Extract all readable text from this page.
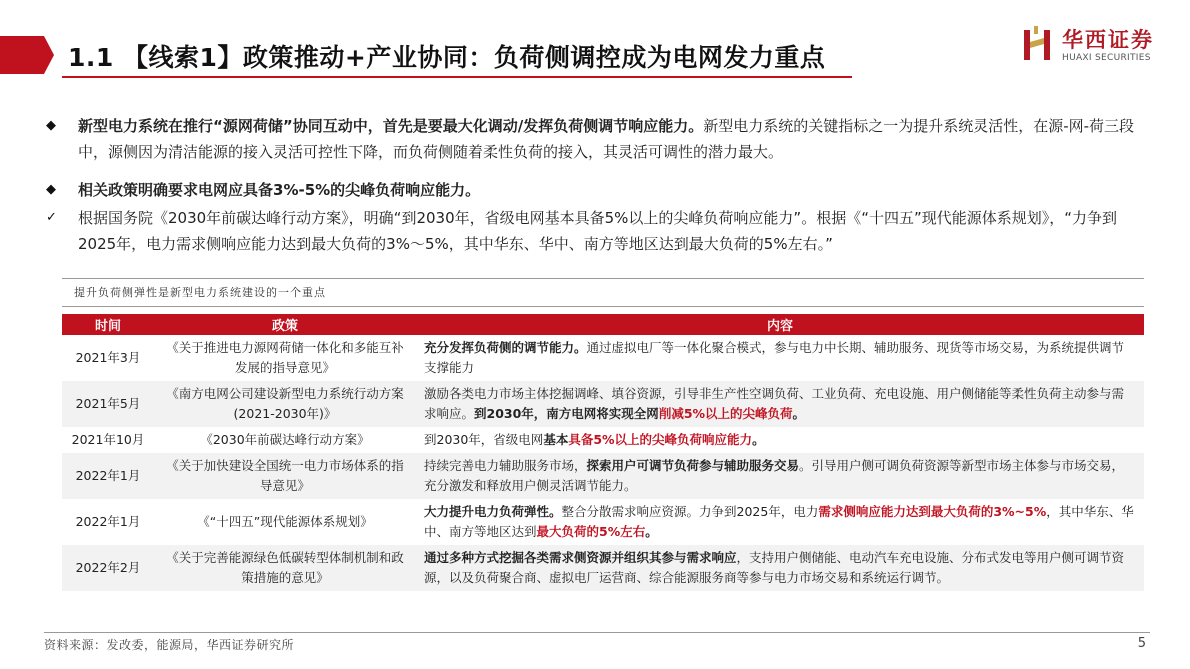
1.1 【线索1】政策推动+产业协同：负荷侧调控成为电网发力重点
华西证券
HUAXI SECURITIES
◆ 新型电力系统在推行“源网荷储”协同互动中，首先是要最大化调动/发挥负荷侧调节响应能力。新型电力系统的关键指标之一为提升系统灵活性，在源-网-荷三段中，源侧因为清洁能源的接入灵活可控性下降，而负荷侧随着柔性负荷的接入，其灵活可调性的潜力最大。
◆ 相关政策明确要求电网应具备3%-5%的尖峰负荷响应能力。
✓ 根据国务院《2030年前碳达峰行动方案》，明确“到2030年，省级电网基本具备5%以上的尖峰负荷响应能力”。根据《“十四五”现代能源体系规划》，“力争到2025年，电力需求侧响应能力达到最大负荷的3%～5%，其中华东、华中、南方等地区达到最大负荷的5%左右。”
提升负荷侧弹性是新型电力系统建设的一个重点
时间	政策	内容
2021年3月	《关于推进电力源网荷储一体化和多能互补发展的指导意见》	充分发挥负荷侧的调节能力。通过虚拟电厂等一体化聚合模式，参与电力中长期、辅助服务、现货等市场交易，为系统提供调节支撑能力
2021年5月	《南方电网公司建设新型电力系统行动方案(2021-2030年)》	激励各类电力市场主体挖掘调峰、填谷资源，引导非生产性空调负荷、工业负荷、充电设施、用户侧储能等柔性负荷主动参与需求响应。到2030年，南方电网将实现全网削减5%以上的尖峰负荷。
2021年10月	《2030年前碳达峰行动方案》	到2030年，省级电网基本具备5%以上的尖峰负荷响应能力。
2022年1月	《关于加快建设全国统一电力市场体系的指导意见》	持续完善电力辅助服务市场，探索用户可调节负荷参与辅助服务交易。引导用户侧可调负荷资源等新型市场主体参与市场交易，充分激发和释放用户侧灵活调节能力。
2022年1月	《“十四五”现代能源体系规划》	大力提升电力负荷弹性。整合分散需求响应资源。力争到2025年，电力需求侧响应能力达到最大负荷的3%~5%，其中华东、华中、南方等地区达到最大负荷的5%左右。
2022年2月	《关于完善能源绿色低碳转型体制机制和政策措施的意见》	通过多种方式挖掘各类需求侧资源并组织其参与需求响应，支持用户侧储能、电动汽车充电设施、分布式发电等用户侧可调节资源，以及负荷聚合商、虚拟电厂运营商、综合能源服务商等参与电力市场交易和系统运行调节。
资料来源：发改委，能源局，华西证券研究所	5
